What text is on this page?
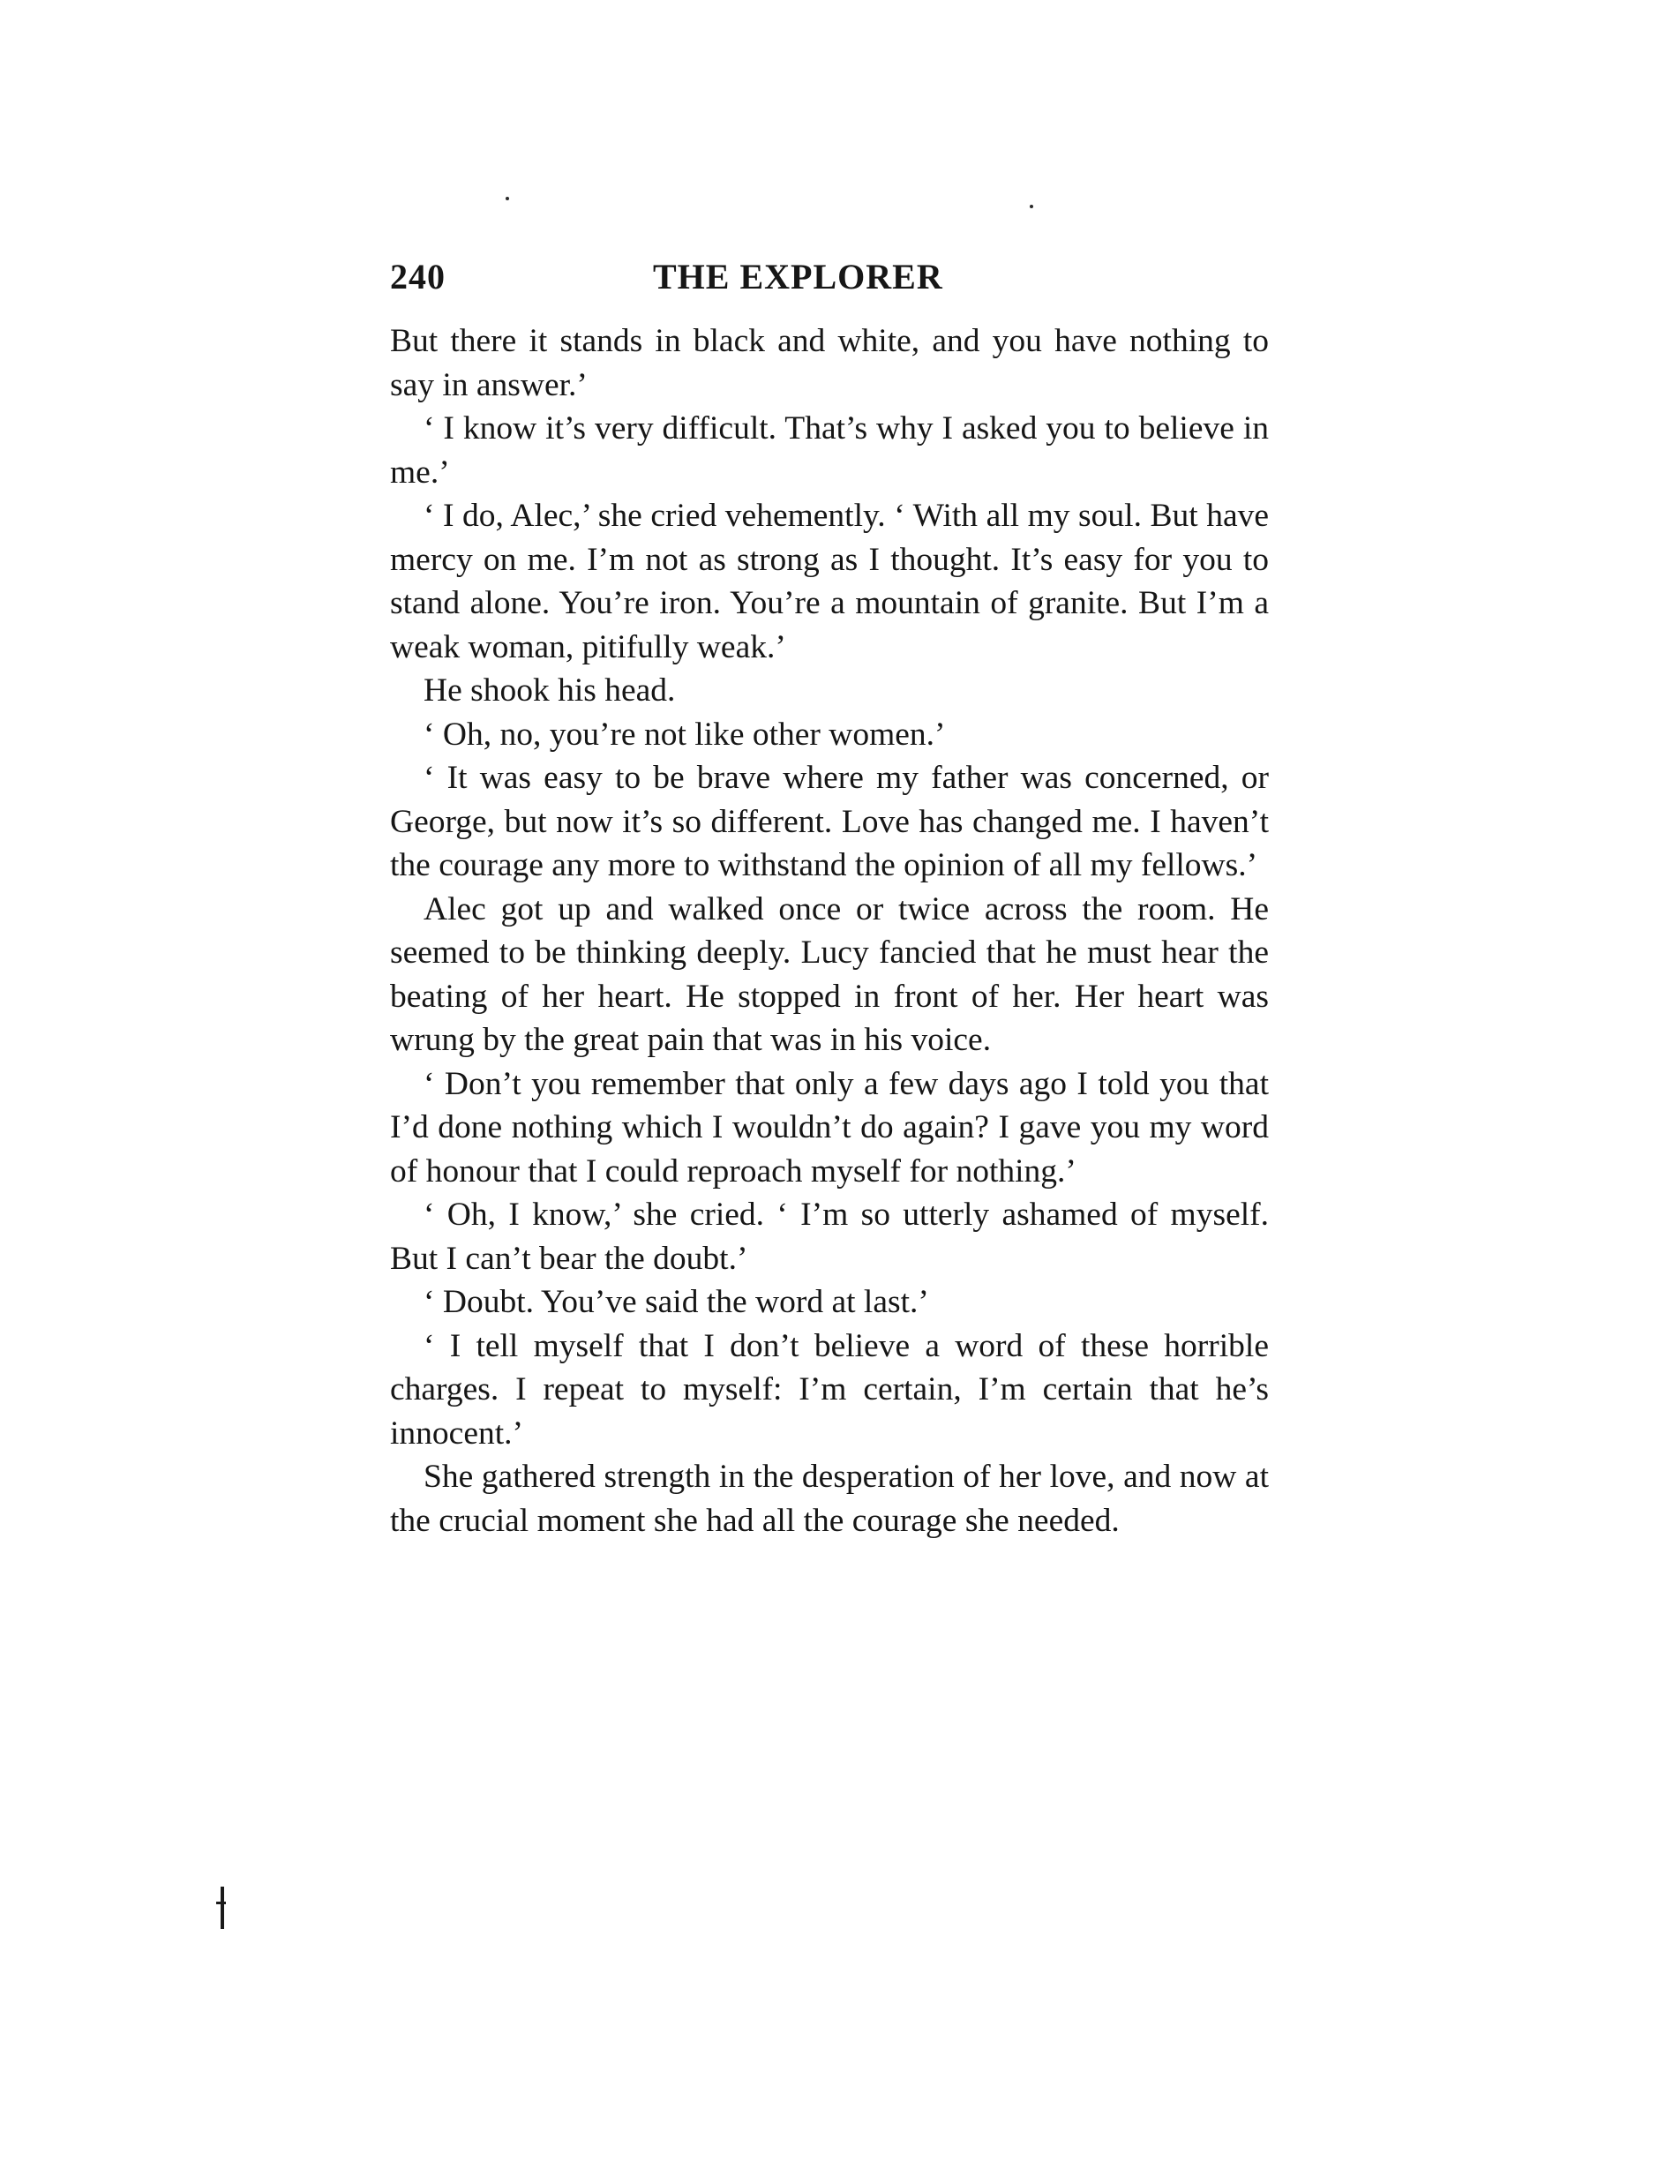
240	THE EXPLORER

But there it stands in black and white, and you have nothing to say in answer.’

‘ I know it’s very difficult. That’s why I asked you to believe in me.’

‘ I do, Alec,’ she cried vehemently. ‘ With all my soul. But have mercy on me. I’m not as strong as I thought. It’s easy for you to stand alone. You’re iron. You’re a mountain of granite. But I’m a weak woman, pitifully weak.’

He shook his head.

‘ Oh, no, you’re not like other women.’

‘ It was easy to be brave where my father was concerned, or George, but now it’s so different. Love has changed me. I haven’t the courage any more to withstand the opinion of all my fellows.’

Alec got up and walked once or twice across the room. He seemed to be thinking deeply. Lucy fancied that he must hear the beating of her heart. He stopped in front of her. Her heart was wrung by the great pain that was in his voice.

‘ Don’t you remember that only a few days ago I told you that I’d done nothing which I wouldn’t do again? I gave you my word of honour that I could reproach myself for nothing.’

‘ Oh, I know,’ she cried. ‘ I’m so utterly ashamed of myself. But I can’t bear the doubt.’

‘ Doubt. You’ve said the word at last.’

‘ I tell myself that I don’t believe a word of these horrible charges. I repeat to myself: I’m certain, I’m certain that he’s innocent.’

She gathered strength in the desperation of her love, and now at the crucial moment she had all the courage she needed.
